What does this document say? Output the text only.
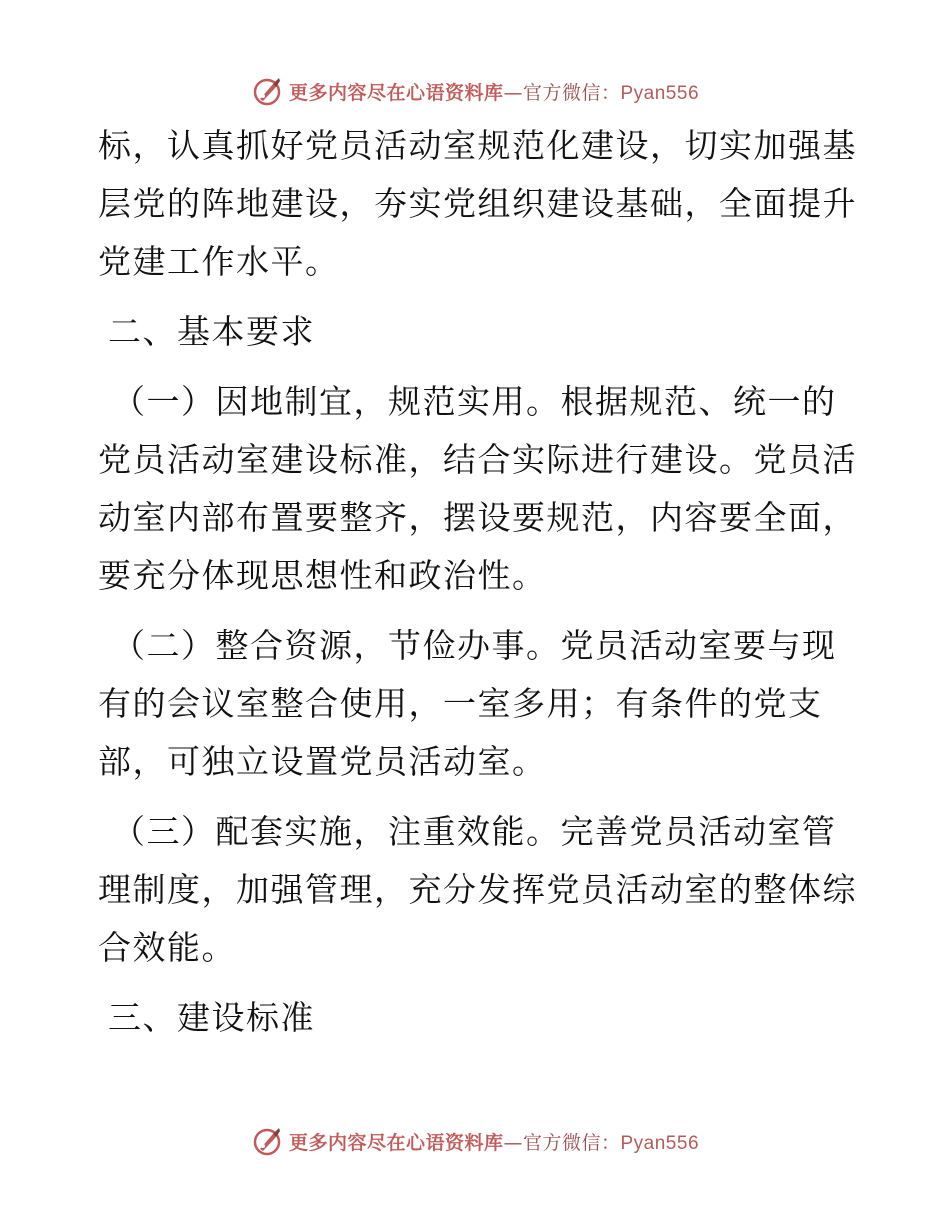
更多内容尽在心语资料库—官方微信：Pyan556
标，认真抓好党员活动室规范化建设，切实加强基
层党的阵地建设，夯实党组织建设基础，全面提升
党建工作水平。
二、基本要求
（一）因地制宜，规范实用。根据规范、统一的
党员活动室建设标准，结合实际进行建设。党员活
动室内部布置要整齐，摆设要规范，内容要全面，
要充分体现思想性和政治性。
（二）整合资源，节俭办事。党员活动室要与现
有的会议室整合使用，一室多用；有条件的党支
部，可独立设置党员活动室。
（三）配套实施，注重效能。完善党员活动室管
理制度，加强管理，充分发挥党员活动室的整体综
合效能。
三、建设标准
更多内容尽在心语资料库—官方微信：Pyan556
